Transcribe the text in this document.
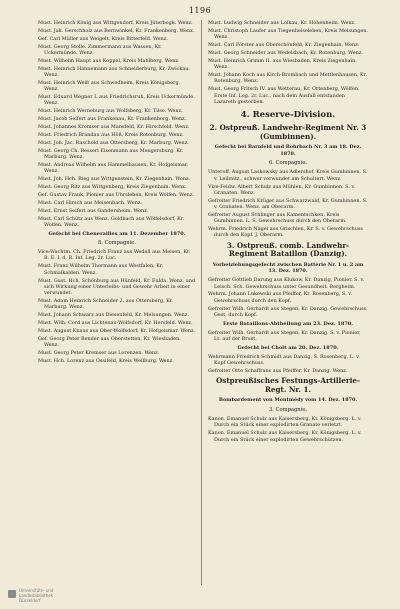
1196
Must. Heinrich König aus Wittgendorf, Kreis Jüterbogk. Wenz.
Must. Jak. Gerschholz aus Bernwinkel, Kr. Frankenberg. Wenz.
Gef. Carl Müller aus Weigelt, Kreis Bitterfeld. Wenz.
Must. Georg Stolle. Zimmermann aus Wassen, Kr. Uckermünde. Wenz.
Must. Wilhelm Haupt aus Koppel, Kreis Mahlberg. Wenz.
Must. Heinrich Hannemann aus Schneiderburg, Kr. Zwickau. Wenz.
Must. Heinrich Weiß aus Schwedheim, Kreis Königsberg. Wenz.
Must. Eduard Wegner I. aus Friedrichsruh, Kreis Uckermünde. Wenz.
Must. Heinrich Werneburg aus Wolfsberg, Kr. Tilse. Wenz.
Must. Jacob Seifert aus Frankenau, Kr. Frankenberg. Wenz.
Must. Johannes Kremser aus Mansfeld, Kr. Hirschfeld. Wenz.
Must. Friedrich Brandau aus Höß, Kreis Rotenburg. Wenz.
Must. Joh. Jac. Raschold aus Ottersberg, Kr. Marburg. Wenz.
Must. Georg Ch. Besserl Eisenmann aus Mengersburg. Kr. Marburg. Wenz.
Must. Andreas Wilhelm aus Hammelhausen, Kr. Hofgeismar. Wenz.
Must. Joh. Hch. Bieg aus Wittgenstein, Kr. Ziegenhain. Wenz.
Must. Georg Ritz aus Wittgenberg, Kreis Ziegenhain. Wenz.
Gef. Gustav Frank, Pionier aus Uhrsleben, Kreis Wolfen. Wenz.
Must. Carl Hirsch aus Meisenbach. Wenz.
Must. Ernst Seifert aus Gandersheim. Wenz.
Must. Carl Schütz aus Wenz. Goldbach aus Wölfelsdorf, Kr. Wolfen. Wenz.
Gefecht bei Chenerailles am 11. Dezember 1870.
8. Compagnie.
Vice-Wachtm. Ch. Friedrich Franz aus Wedell aus Meisen, Kr. B. E. I. d. R. Inf. Leg. 2r. Luc.
Must. Franz Wilhelm Thormann aus Westfalen, Kr. Schmalkalden. Wenz.
Must. Gust. Hch. Schönburg aus Hünfeld, Kr. Fulda. Wenz. und sich Wirkung einer Unterleibs- und Gewehr Arbeit in einer verwundet.
Must. Adam Heinrich Schneider 2. aus Ottersberg, Kr. Marburg. Wenz.
Must. Johann Schwarz aus Diesenfeld, Kr. Melsungen. Wenz.
Must. Wilh. Cord aus Lichtenau-Wolfsdorf, Kr. Hersfeld. Wenz.
Must. August Knaus aus Ober-Wolfsdorf, Kr. Hofgeismar. Wenz.
Gef. Georg Peter Bender aus Oberstetten, Kr. Wiesbaden. Wenz.
Must. Georg Peter Kremser aus Lorenzen. Wenz.
Must. Hch. Lorenz aus Ossifeld, Kreis Weilburg. Wenz.
Must. Ludwig Schneider aus Lolkau, Kr. Hohenheim. Wenz.
Must. Christoph Laufer aus Tiegenheiseleben, Kreis Melsungen. Wenz.
Must. Carl Förster aus Oberschönfeld, Kr. Ziegenhain. Wenz.
Must. Georg Schneider aus Wedelsbach, Kr. Rotenburg. Wenz.
Must. Heinrich Grimm II. aus Wiesbaden, Kreis Ziegenhain. Wenz.
Must. Johann Koch aus Kirch-Brombach und Mettlenhausen, Kr. Rotenburg. Wenz.
Must. Georg Fritsch IV. aus Wetterau, Kr. Ortenberg, Wölfen. Erste Inf. Leg. 2r. Luc., nach dem Ausfall entstanden Lazareth gestorben.
4. Reserve-Division.
2. Ostpreuß. Landwehr-Regiment Nr. 3 (Gumbinnen).
Gefecht bei Barnfeld und Rohrbach Nr. 3 am 18. Dez. 1870.
6. Compagnie.
Unteroff. August Laskowsky aus Adlershof, Kreis Gumbinnen. S. v. Leibnitz., schwer verwundet am Schultert. Wenz.
Vize-Feldw. Albert Schulz aus Mühlen, Kr. Gumbinnen. S. v. Granaten. Wenz.
Gefreiter Friedrich Krüger aus Schwarzwald, Kr. Gumbinnen. S. v. Granaten. Wenz. am Oberarm.
Gefreiter August Schlinger aus Kamentschken, Kreis Gumbinnen. L. S. Gewehrschuss durch den Oberarm.
Wehrm. Friedrich Nagel aus Grischlen, Kr. S. v. Gewehrschuss durch den Kopf. J. Oberarm.
3. Ostpreuß. comb. Landwehr-Regiment Bataillon (Danzig).
Vorbeiziehungsgefecht zwischen Batterie Nr. 1 u. 2 am 13. Dez. 1870.
Gefreiter Gottlieb Darung aus Klukow, Kr. Danzig, Pionier. S. v. Leisch. Sch. Gewehrschuss unter Gesundheit. Bergheim.
Wehrm. Johann Lukowski aus Pfeiffer, Kr. Rosenberg, S. v. Gewehrschuss durch den Kopf.
Gefreiter Wilh. Gerhardt aus Stegen, Kr. Danzig. Gewehrschuss, Gest. durch Kopf.
Erste Bataillons-Abtheilung am 23. Dez. 1870.
Gefreiter Wilh. Gerhardt aus Stegen, Kr. Danzig. S. v. Pionier, Lt. auf der Brust.
Gefecht bei Cholt am 20. Dez. 1870.
Wehrmann Friedrich Schmidt aus Danzig, S. Rosenberg, L. v. Kopf Gewehrschuss.
Gefreiter Otto Schaffrans aus Pfeiffer, Kr. Danzig. Wenz.
Ostpreußisches Festungs-Artillerie-Regt. Nr. 1.
Bombardement von Montmédy vom 14. Dez. 1870.
3. Compagnie.
Kanon. Emanuel Schulz aus Kaisersberg, Kr. Königsberg. L. v. Durch ein Stück einer explodirten Granate verletzt.
Kanon. Emanuel Schulz aus Kaisersberg, Kr. Königsberg. L. v. Durch ein Stück einer explodirten Gewehrschützen.
Universitäts- und
Landesbibliothek Düsseldorf
